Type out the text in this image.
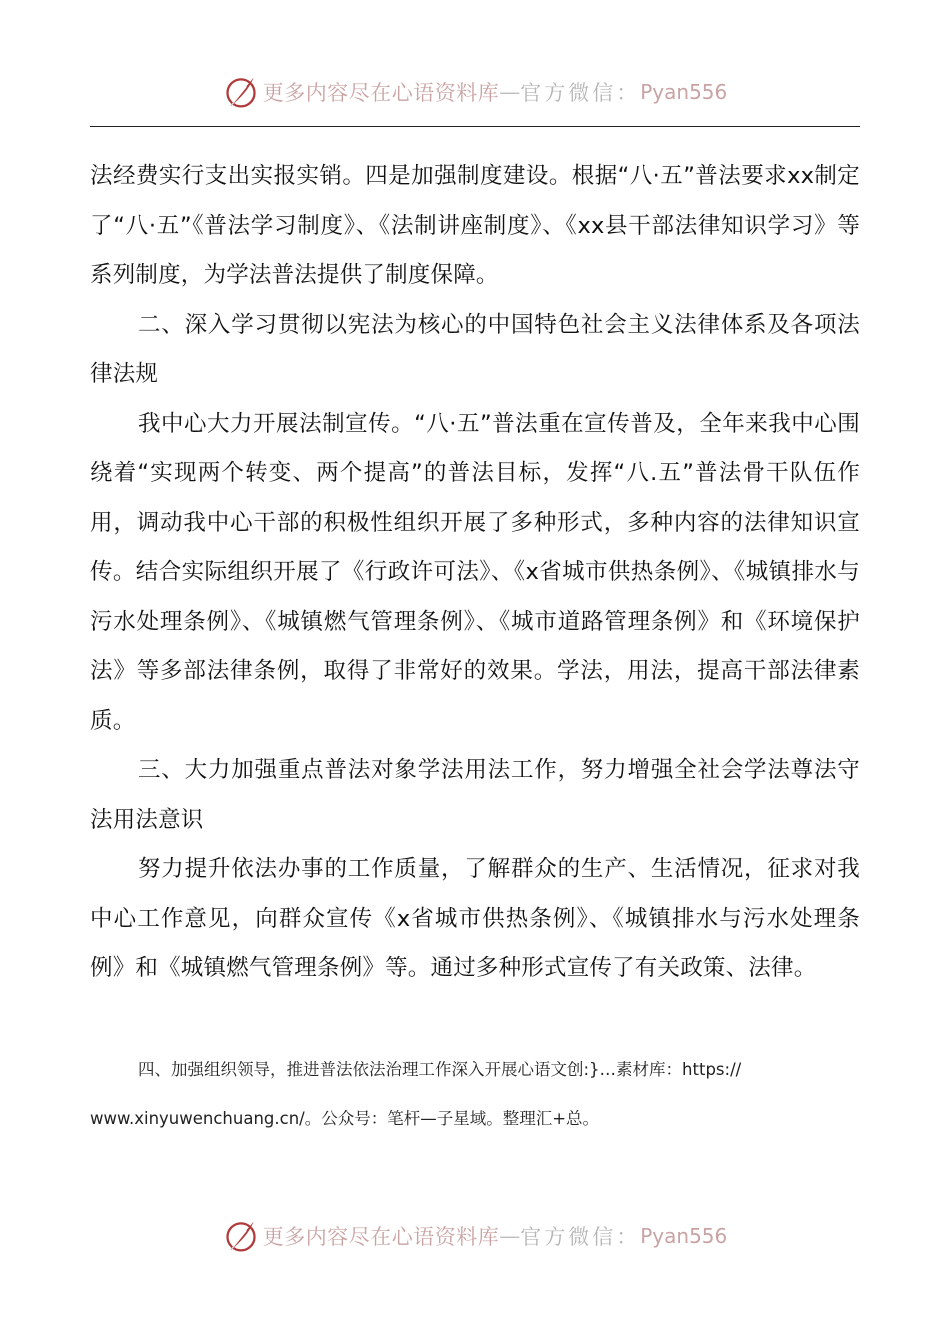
更多内容尽在心语资料库 — 官方微信： Pyan556

法经费实行支出实报实销。四是加强制度建设。根据“八·五”普法要求xx制定了“八·五”《普法学习制度》、《法制讲座制度》、《xx县干部法律知识学习》等系列制度，为学法普法提供了制度保障。

二、深入学习贯彻以宪法为核心的中国特色社会主义法律体系及各项法律法规

我中心大力开展法制宣传。“八·五”普法重在宣传普及，全年来我中心围绕着“实现两个转变、两个提高”的普法目标，发挥“八.五”普法骨干队伍作用，调动我中心干部的积极性组织开展了多种形式，多种内容的法律知识宣传。结合实际组织开展了《行政许可法》、《x省城市供热条例》、《城镇排水与污水处理条例》、《城镇燃气管理条例》、《城市道路管理条例》和《环境保护法》等多部法律条例，取得了非常好的效果。学法，用法，提高干部法律素质。

三、大力加强重点普法对象学法用法工作，努力增强全社会学法尊法守法用法意识

努力提升依法办事的工作质量，了解群众的生产、生活情况，征求对我中心工作意见，向群众宣传《x省城市供热条例》、《城镇排水与污水处理条例》和《城镇燃气管理条例》等。通过多种形式宣传了有关政策、法律。

四、加强组织领导，推进普法依法治理工作深入开展心语文创:}…素材库：https://

www.xinyuwenchuang.cn/。公众号：笔杆—子星域。整理汇+总。

更多内容尽在心语资料库 — 官方微信： Pyan556
